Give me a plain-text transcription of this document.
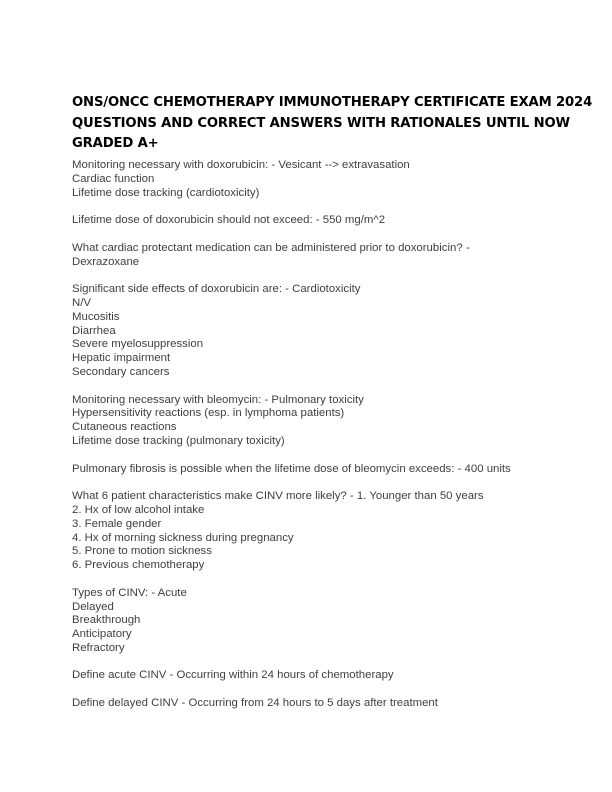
ONS/ONCC CHEMOTHERAPY IMMUNOTHERAPY CERTIFICATE EXAM 2024
QUESTIONS AND CORRECT ANSWERS WITH RATIONALES UNTIL NOW
GRADED A+
Monitoring necessary with doxorubicin: - Vesicant --> extravasation
Cardiac function
Lifetime dose tracking (cardiotoxicity)
Lifetime dose of doxorubicin should not exceed: - 550 mg/m^2
What cardiac protectant medication can be administered prior to doxorubicin? -
Dexrazoxane
Significant side effects of doxorubicin are: - Cardiotoxicity
N/V
Mucositis
Diarrhea
Severe myelosuppression
Hepatic impairment
Secondary cancers
Monitoring necessary with bleomycin: - Pulmonary toxicity
Hypersensitivity reactions (esp. in lymphoma patients)
Cutaneous reactions
Lifetime dose tracking (pulmonary toxicity)
Pulmonary fibrosis is possible when the lifetime dose of bleomycin exceeds: - 400 units
What 6 patient characteristics make CINV more likely? - 1. Younger than 50 years
2. Hx of low alcohol intake
3. Female gender
4. Hx of morning sickness during pregnancy
5. Prone to motion sickness
6. Previous chemotherapy
Types of CINV: - Acute
Delayed
Breakthrough
Anticipatory
Refractory
Define acute CINV - Occurring within 24 hours of chemotherapy
Define delayed CINV - Occurring from 24 hours to 5 days after treatment
